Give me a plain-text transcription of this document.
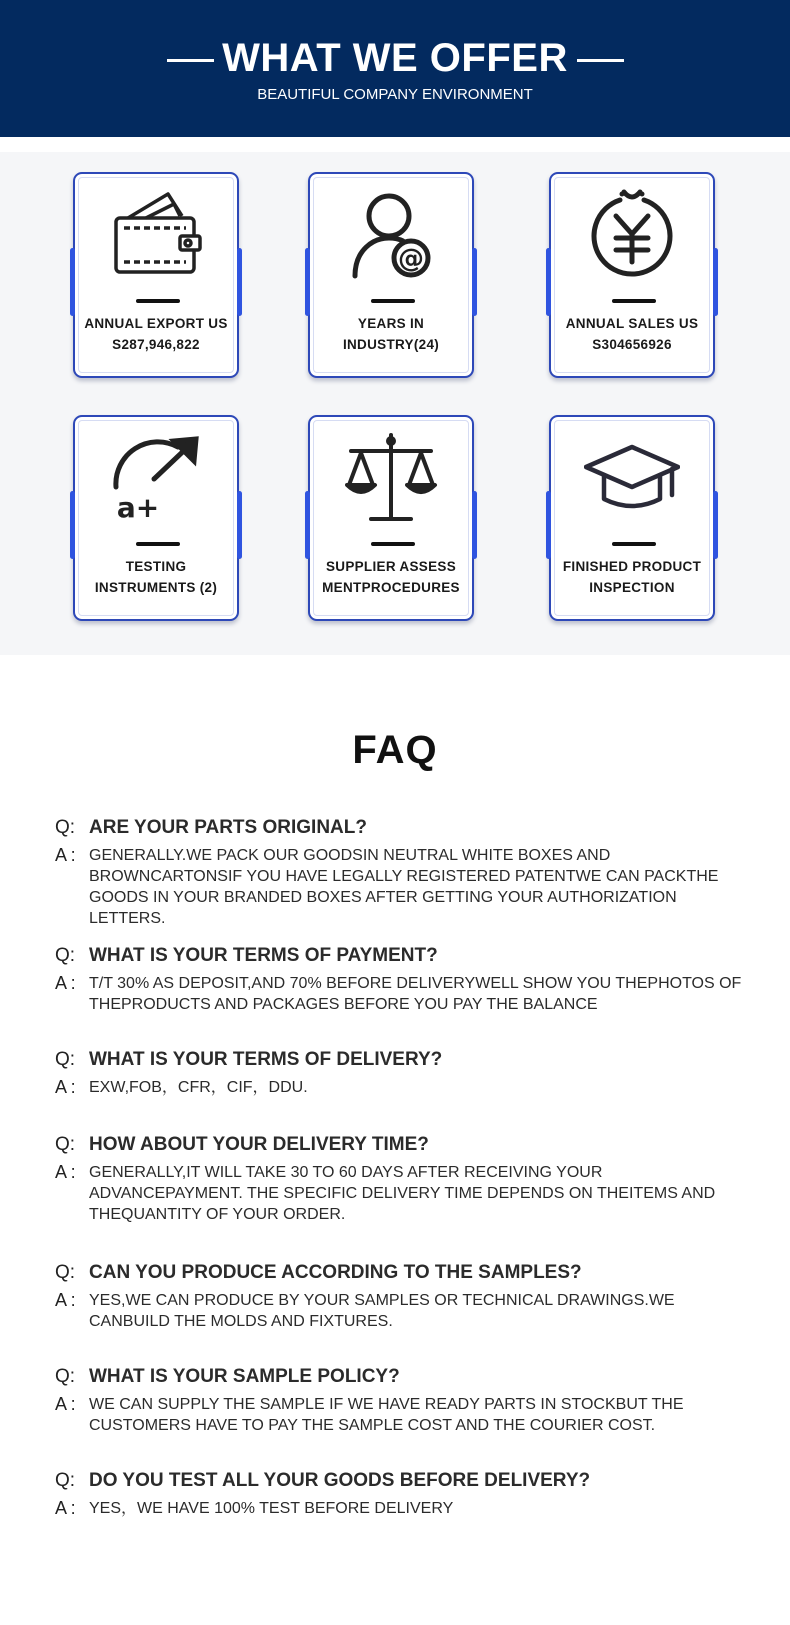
WHAT WE OFFER
BEAUTIFUL COMPANY ENVIRONMENT
ANNUAL EXPORT US S287,946,822
@
YEARS IN INDUSTRY(24)
ANNUAL SALES US S304656926
a+
TESTING INSTRUMENTS (2)
SUPPLIER ASSESS MENTPROCEDURES
FINISHED PRODUCT INSPECTION
FAQ
Q: ARE YOUR PARTS ORIGINAL?
A : GENERALLY.WE PACK OUR GOODSIN NEUTRAL WHITE BOXES AND BROWNCARTONSIF YOU HAVE LEGALLY REGISTERED PATENTWE CAN PACKTHE GOODS IN YOUR BRANDED BOXES AFTER GETTING YOUR AUTHORIZATION LETTERS.
Q: WHAT IS YOUR TERMS OF PAYMENT?
A : T/T 30% AS DEPOSIT,AND 70% BEFORE DELIVERYWELL SHOW YOU THEPHOTOS OF THEPRODUCTS AND PACKAGES BEFORE YOU PAY THE BALANCE
Q: WHAT IS YOUR TERMS OF DELIVERY?
A : EXW,FOB，CFR，CIF，DDU.
Q: HOW ABOUT YOUR DELIVERY TIME?
A : GENERALLY,IT WILL TAKE 30 TO 60 DAYS AFTER RECEIVING YOUR ADVANCEPAYMENT. THE SPECIFIC DELIVERY TIME DEPENDS ON THEITEMS AND THEQUANTITY OF YOUR ORDER.
Q: CAN YOU PRODUCE ACCORDING TO THE SAMPLES?
A : YES,WE CAN PRODUCE BY YOUR SAMPLES OR TECHNICAL DRAWINGS.WE CANBUILD THE MOLDS AND FIXTURES.
Q: WHAT IS YOUR SAMPLE POLICY?
A : WE CAN SUPPLY THE SAMPLE IF WE HAVE READY PARTS IN STOCKBUT THE CUSTOMERS HAVE TO PAY THE SAMPLE COST AND THE COURIER COST.
Q: DO YOU TEST ALL YOUR GOODS BEFORE DELIVERY?
A : YES，WE HAVE 100% TEST BEFORE DELIVERY
